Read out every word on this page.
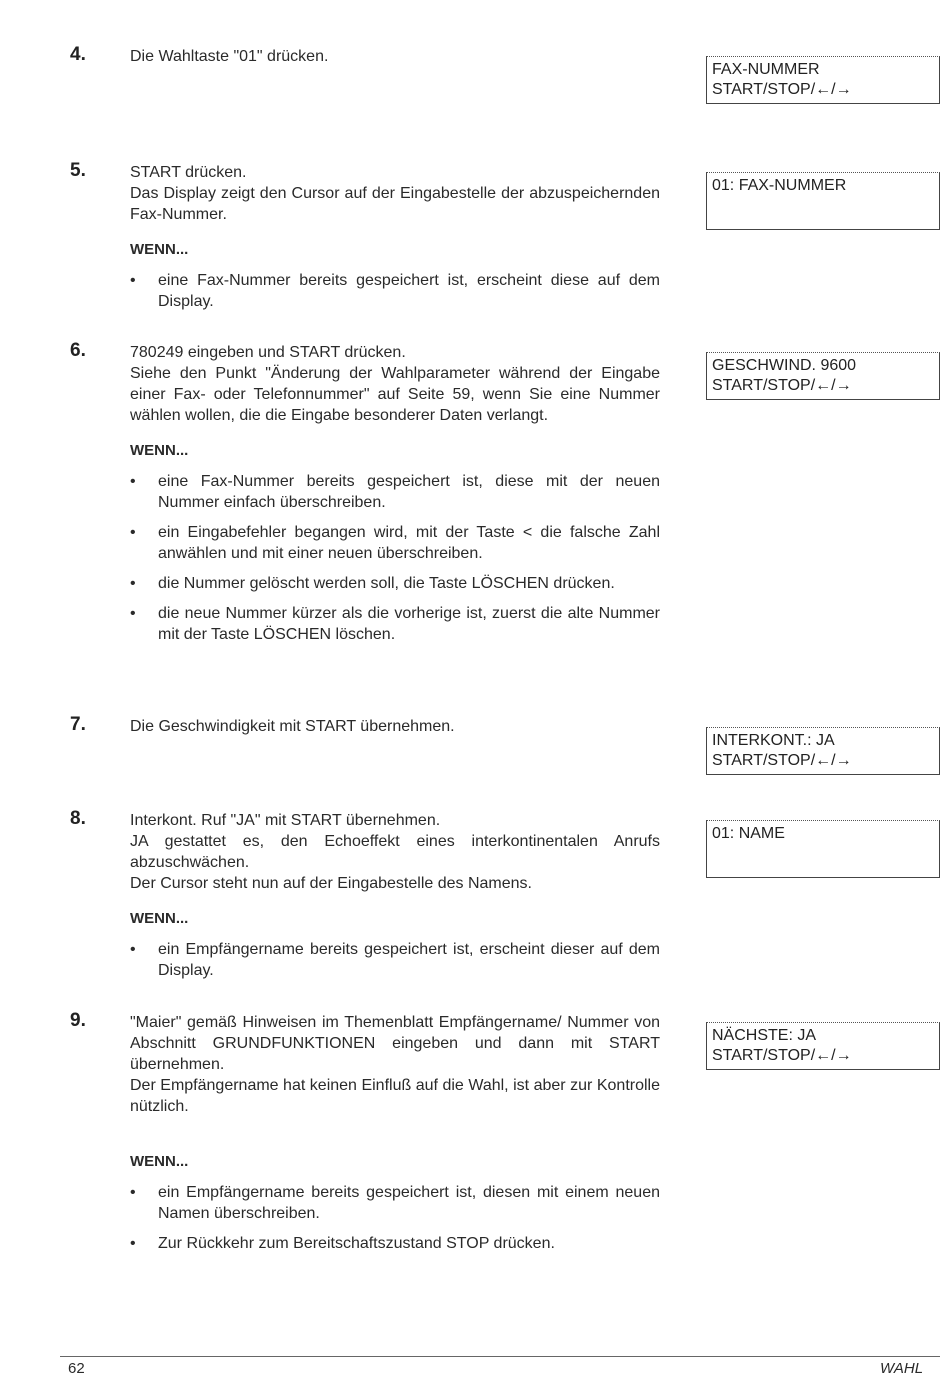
4.	Die Wahltaste "01" drücken.

FAX-NUMMER
START/STOP/←/→
5.	START drücken.

Das Display zeigt den Cursor auf der Eingabestelle der abzuspeichernden Fax-Nummer.

WENN...

• eine Fax-Nummer bereits gespeichert ist, erscheint diese auf dem Display.
01: FAX-NUMMER
6.	780249 eingeben und START drücken.

Siehe den Punkt "Änderung der Wahlparameter während der Eingabe einer Fax- oder Telefonnummer" auf Seite 59, wenn Sie eine Nummer wählen wollen, die die Eingabe besonderer Daten verlangt.

WENN...

• eine Fax-Nummer bereits gespeichert ist, diese mit der neuen Nummer einfach überschreiben.
• ein Eingabefehler begangen wird, mit der Taste < die falsche Zahl anwählen und mit einer neuen überschreiben.
• die Nummer gelöscht werden soll, die Taste LÖSCHEN drücken.
• die neue Nummer kürzer als die vorherige ist, zuerst die alte Nummer mit der Taste LÖSCHEN löschen.
GESCHWIND. 9600
START/STOP/←/→
7.	Die Geschwindigkeit mit START übernehmen.

INTERKONT.: JA
START/STOP/←/→
8.	Interkont. Ruf "JA" mit START übernehmen.

JA gestattet es, den Echoeffekt eines interkontinentalen Anrufs abzuschwächen.

Der Cursor steht nun auf der Eingabestelle des Namens.

WENN...

• ein Empfängername bereits gespeichert ist, erscheint dieser auf dem Display.
01: NAME
9.	"Maier" gemäß Hinweisen im Themenblatt Empfängername/ Nummer von Abschnitt GRUNDFUNKTIONEN eingeben und dann mit START übernehmen.

Der Empfängername hat keinen Einfluß auf die Wahl, ist aber zur Kontrolle nützlich.

WENN...

• ein Empfängername bereits gespeichert ist, diesen mit einem neuen Namen überschreiben.
• Zur Rückkehr zum Bereitschaftszustand STOP drücken.
NÄCHSTE: JA
START/STOP/←/→
62	WAHL
